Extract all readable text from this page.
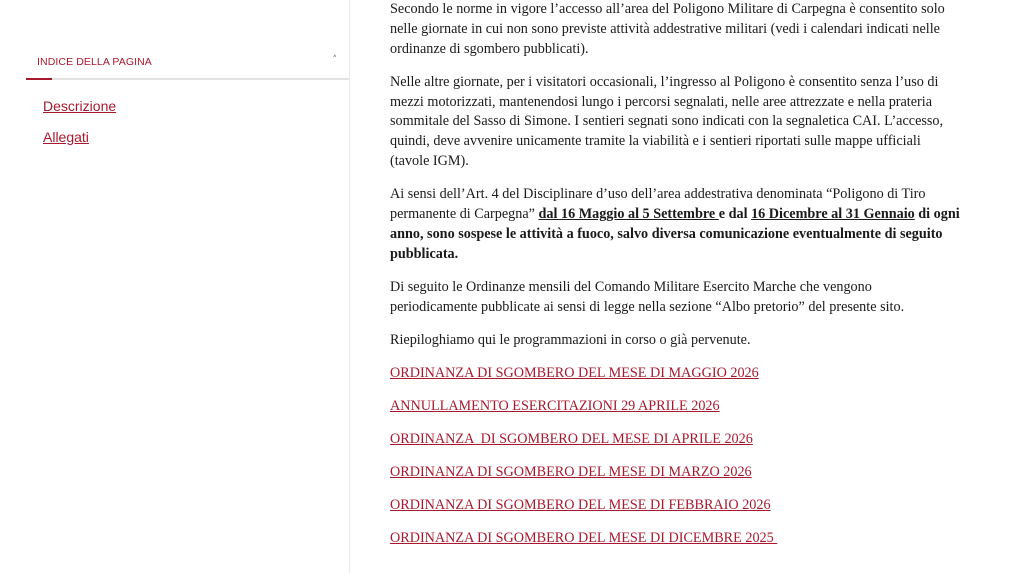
INDICE DELLA PAGINA	˄
Descrizione
Allegati

Secondo le norme in vigore l’accesso all’area del Poligono Militare di Carpegna è consentito solo nelle giornate in cui non sono previste attività addestrative militari (vedi i calendari indicati nelle ordinanze di sgombero pubblicati).

Nelle altre giornate, per i visitatori occasionali, l’ingresso al Poligono è consentito senza l’uso di mezzi motorizzati, mantenendosi lungo i percorsi segnalati, nelle aree attrezzate e nella prateria sommitale del Sasso di Simone. I sentieri segnati sono indicati con la segnaletica CAI. L’accesso, quindi, deve avvenire unicamente tramite la viabilità e i sentieri riportati sulle mappe ufficiali (tavole IGM).

Ai sensi dell’Art. 4 del Disciplinare d’uso dell’area addestrativa denominata “Poligono di Tiro permanente di Carpegna” dal 16 Maggio al 5 Settembre e dal 16 Dicembre al 31 Gennaio di ogni anno, sono sospese le attività a fuoco, salvo diversa comunicazione eventualmente di seguito pubblicata.

Di seguito le Ordinanze mensili del Comando Militare Esercito Marche che vengono periodicamente pubblicate ai sensi di legge nella sezione “Albo pretorio” del presente sito.

Riepiloghiamo qui le programmazioni in corso o già pervenute.

ORDINANZA DI SGOMBERO DEL MESE DI MAGGIO 2026
ANNULLAMENTO ESERCITAZIONI 29 APRILE 2026
ORDINANZA  DI SGOMBERO DEL MESE DI APRILE 2026
ORDINANZA DI SGOMBERO DEL MESE DI MARZO 2026
ORDINANZA DI SGOMBERO DEL MESE DI FEBBRAIO 2026
ORDINANZA DI SGOMBERO DEL MESE DI DICEMBRE 2025
